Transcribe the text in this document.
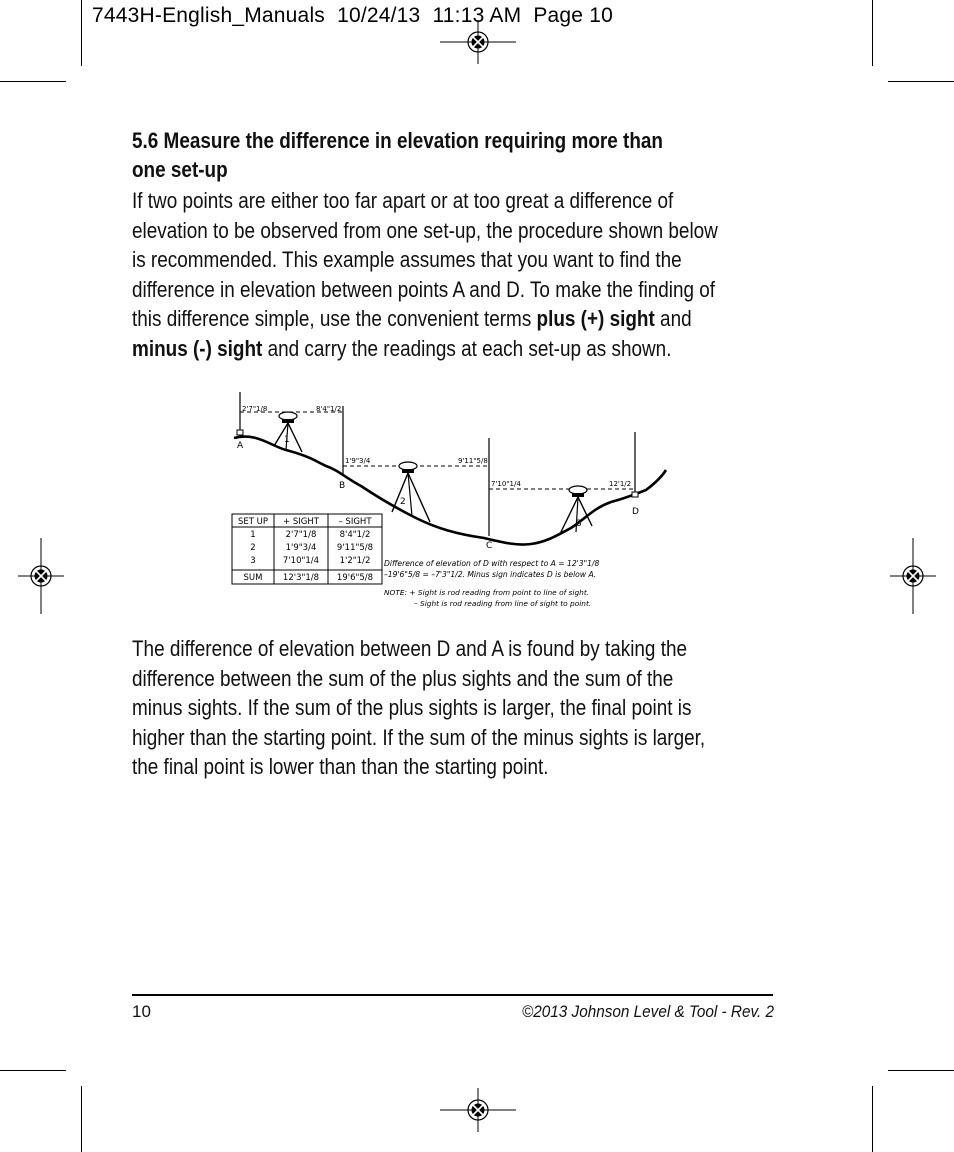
7443H-English_Manuals  10/24/13  11:13 AM  Page 10
5.6 Measure the difference in elevation requiring more than
one set-up
If two points are either too far apart or at too great a difference of
elevation to be observed from one set-up, the procedure shown below
is recommended. This example assumes that you want to find the
difference in elevation between points A and D. To make the finding of
this difference simple, use the convenient terms plus (+) sight and
minus (-) sight and carry the readings at each set-up as shown.
A
B
C
D
1
2
3
2'7"1/8	8'4"1/2
1'9"3/4	9'11"5/8
7'10"1/4	12'1/2
SET UP + SIGHT – SIGHT
1	2'7"1/8	8'4"1/2
2	1'9"3/4 9'11"5/8
3	7'10"1/4 1'2"1/2
SUM 12'3"1/8 19'6"5/8
Difference of elevation of D with respect to A = 12'3"1/8
–19'6"5/8 = –7'3"1/2. Minus sign indicates D is below A.
NOTE: + Sight is rod reading from point to line of sight.
– Sight is rod reading from line of sight to point.
The difference of elevation between D and A is found by taking the
difference between the sum of the plus sights and the sum of the
minus sights. If the sum of the plus sights is larger, the final point is
higher than the starting point. If the sum of the minus sights is larger,
the final point is lower than than the starting point.
10	©2013 Johnson Level & Tool - Rev. 2
